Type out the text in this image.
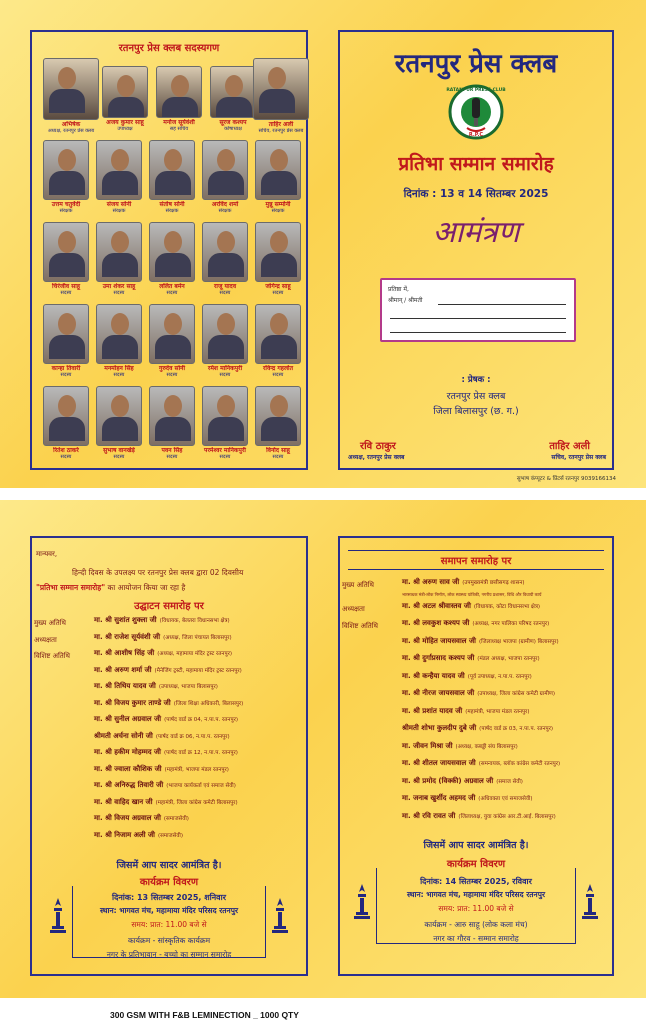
रतनपुर प्रेस क्लब सदस्यगण
अभिषेक
अध्यक्ष, रतनपुर प्रेस क्लब
अजय कुमार साहू
उपाध्यक्ष
मनोज सूर्यवंशी
सह सचिव
सूरज कश्यप
कोषाध्यक्ष
ताहिर अली
सचिव, रतनपुर प्रेस क्लब
उत्तम चतुर्वेदी
संरक्षक
संजय सोनी
संरक्षक
संतोष सोनी
संरक्षक
अरविंद शर्मा
संरक्षक
मुन्नू सम्मोनी
संरक्षक
चिरंजीव साहू
सदस्य
उमा शंकर साहू
सदस्य
ललित बर्मन
सदस्य
राजू यादव
सदस्य
जोगेन्द्र साहू
सदस्य
कान्हा तिवारी
सदस्य
मनमोहन सिंह
सदस्य
गुरुदेव सोनी
सदस्य
रमेश मानिकपुरी
सदस्य
रविन्द्र गहलोत
सदस्य
रितेश ठाकरे
सदस्य
सुभाष वानखेड़े
सदस्य
पवन सिंह
सदस्य
परमेश्वर मानिकपुरी
सदस्य
विनोद साहू
सदस्य
रतनपुर प्रेस क्लब
RATANPUR PRESS CLUB
R.P.C
प्रतिभा सम्मान समारोह
दिनांक : 13 व 14 सितम्बर 2025
आमंत्रण
प्रतिष्ठा में,
श्रीमान् / श्रीमती
: प्रेषक :
रतनपुर प्रेस क्लब
जिला बिलासपुर (छ. ग.)
रवि ठाकुर
अध्यक्ष, रतनपुर प्रेस क्लब
ताहिर अली
सचिव, रतनपुर प्रेस क्लब
सुभाष कंप्यूटर & प्रिंटर्स रतनपुर 9039166134
मान्यवर,
हिन्दी दिवस के उपलक्ष्य पर रतनपुर प्रेस क्लब द्वारा 02 दिवसीय
"प्रतिभा सम्मान समारोह" का आयोजन किया जा रहा है
उद्घाटन समारोह पर
मुख्य अतिथि	मा. श्री सुशांत शुक्ला जी (विधायक, बेलतरा विधानसभा क्षेत्र)
अध्यक्षता	मा. श्री राजेश सूर्यवंशी जी (अध्यक्ष, जिला पंचायत बिलासपुर)
विशिष्ट अतिथि	मा. श्री आशीष सिंह जी (अध्यक्ष, महामाया मंदिर ट्रस्ट रतनपुर)
मा. श्री अरुण शर्मा जी (मैनेजिंग ट्रस्टी, महामाया मंदिर ट्रस्ट रतनपुर)
मा. श्री तिथिय यादव जी (उपाध्यक्ष, भाजपा बिलासपुर)
मा. श्री विजय कुमार ताण्डे जी (जिला शिक्षा अधिकारी, बिलासपुर)
मा. श्री सुनील अग्रवाल जी (पार्षद वार्ड क्र 04, न.पा.प. रतनपुर)
श्रीमती अर्चना सोनी जी (पार्षद वार्ड क्र 06, न.पा.प. रतनपुर)
मा. श्री हकीम मोहम्मद जी (पार्षद वार्ड क्र 12, न.पा.प. रतनपुर)
मा. श्री ज्वाला कौशिक जी (महामंत्री, भाजपा मंडल रतनपुर)
मा. श्री अनिरुद्ध तिवारी जी (भाजपा कार्यकर्ता एवं समाज सेवी)
मा. श्री वाहिद खान जी (महामंत्री, जिला कांग्रेस कमेटी बिलासपुर)
मा. श्री विजय अग्रवाल जी (समाजसेवी)
मा. श्री निजाम अली जी (समाजसेवी)
जिसमें आप सादर आमंत्रित है।
कार्यक्रम विवरण
दिनांक: 13 सितम्बर 2025, शनिवार
स्थान: भागवत मंच, महामाया मंदिर परिसद रतनपुर
समय: प्रात: 11.00 बजे से
कार्यक्रम - सांस्कृतिक कार्यक्रम
नगर के प्रतिभावान - बच्चो का सम्मान समारोह
समापन समारोह पर
मुख्य अतिथि	मा. श्री अरुण साव जी (उपमुख्यमंत्री छत्तीसगढ़ शासन)
भारसाधक मंत्री-लोक निर्माण, लोक स्वास्थ्य यांत्रिकी, नगरीय प्रशासन, विधि और विधायी कार्य
अध्यक्षता	मा. श्री अटल श्रीवास्तव जी (विधायक, कोटा विधानसभा क्षेत्र)
विशिष्ट अतिथि	मा. श्री लवकुश कश्यप जी (अध्यक्ष, नगर पालिका परिषद रतनपुर)
मा. श्री मोहित जायसवाल जी (जिलाध्यक्ष भाजपा (ग्रामीण) बिलासपुर)
मा. श्री दुर्गाप्रसाद कश्यप जी (मंडल अध्यक्ष, भाजपा रतनपुर)
मा. श्री कन्हैया यादव जी (पूर्व उपाध्यक्ष, न.पा.प. रतनपुर)
मा. श्री नीरज जायसवाल जी (उपाध्यक्ष, जिला कांग्रेस कमेटी ग्रामीण)
मा. श्री प्रशांत यादव जी (महामंत्री, भाजपा मंडल रतनपुर)
श्रीमती शोभा कुलदीप दुबे जी (पार्षद वार्ड क्र 03, न.पा.प. रतनपुर)
मा. जीवन मिश्रा जी (अध्यक्ष, कबड्डी संघ बिलासपुर)
मा. श्री शीतल जायसवाल जी (समन्वयक, ब्लॉक कांग्रेस कमेटी रतनपुर)
मा. श्री प्रमोद (विक्की) अग्रवाल जी (समाज सेवी)
मा. जनाब खुर्शीद अहमद जी (अधिवक्ता एवं समाजसेवी)
मा. श्री रवि रावत जी (जिलाध्यक्ष, युवा कांग्रेस आर.टी.आई. बिलासपुर)
जिसमें आप सादर आमंत्रित है।
कार्यक्रम विवरण
दिनांक: 14 सितम्बर 2025, रविवार
स्थान: भागवत मंच, महामाया मंदिर परिसद रतनपुर
समय: प्रात: 11.00 बजे से
कार्यक्रम - आरु साहू (लोक कला मंच)
नगर का गौरव - सम्मान समारोह
300 GSM WITH F&B LEMINECTION _ 1000 QTY
